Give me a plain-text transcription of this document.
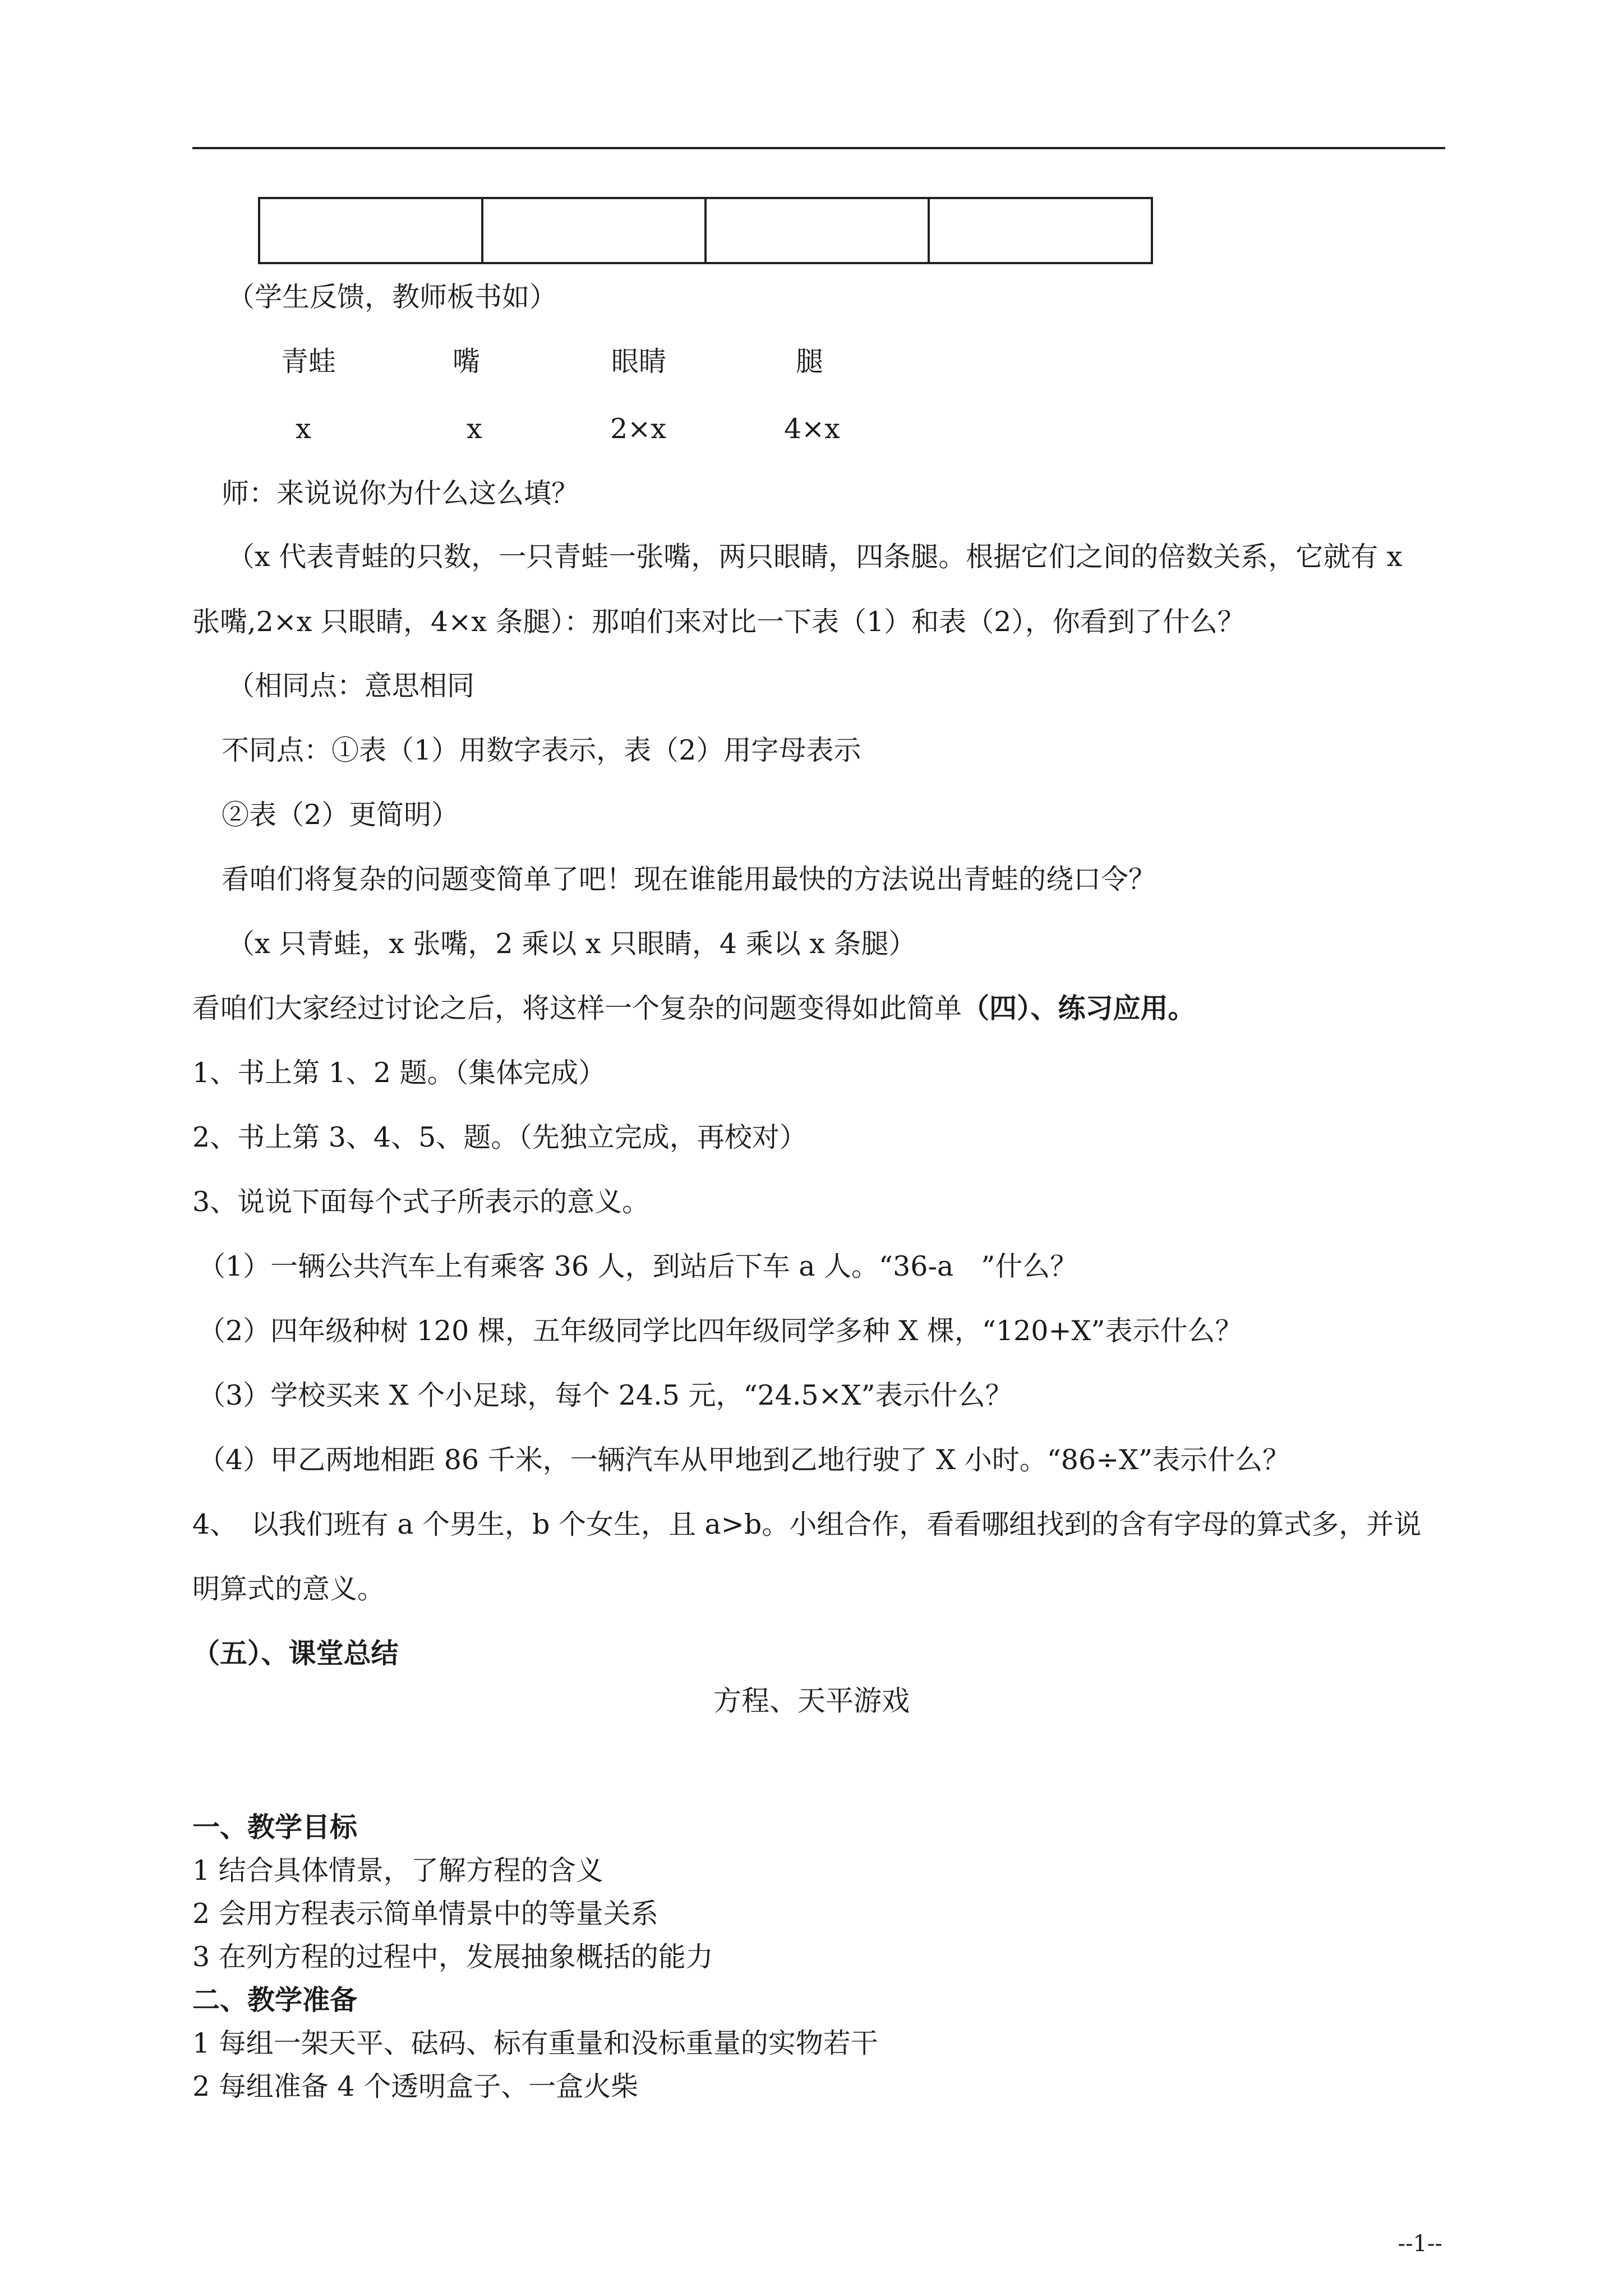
（学生反馈，教师板书如）
青蛙	嘴	眼睛	腿
x	x	2×x	4×x
师：来说说你为什么这么填？
（x 代表青蛙的只数，一只青蛙一张嘴，两只眼睛，四条腿。根据它们之间的倍数关系，它就有 x
张嘴,2×x 只眼睛，4×x 条腿）：那咱们来对比一下表（1）和表（2），你看到了什么？
（相同点：意思相同
不同点：①表（1）用数字表示，表（2）用字母表示
②表（2）更简明）
看咱们将复杂的问题变简单了吧！现在谁能用最快的方法说出青蛙的绕口令？
（x 只青蛙，x 张嘴，2 乘以 x 只眼睛，4 乘以 x 条腿）
看咱们大家经过讨论之后，将这样一个复杂的问题变得如此简单（四）、练习应用。
1、书上第 1、2 题。（集体完成）
2、书上第 3、4、5、题。（先独立完成，再校对）
3、说说下面每个式子所表示的意义。
（1）一辆公共汽车上有乘客 36 人，到站后下车 a 人。“36-a　”什么？
（2）四年级种树 120 棵，五年级同学比四年级同学多种 X 棵，“120+X”表示什么？
（3）学校买来 X 个小足球，每个 24.5 元，“24.5×X”表示什么？
（4）甲乙两地相距 86 千米，一辆汽车从甲地到乙地行驶了 X 小时。“86÷X”表示什么？
4、　以我们班有 a 个男生，b 个女生，且 a>b。小组合作，看看哪组找到的含有字母的算式多，并说
明算式的意义。
（五）、课堂总结
方程、天平游戏
一、教学目标
1 结合具体情景，了解方程的含义
2 会用方程表示简单情景中的等量关系
3 在列方程的过程中，发展抽象概括的能力
二、教学准备
1 每组一架天平、砝码、标有重量和没标重量的实物若干
2 每组准备 4 个透明盒子、一盒火柴
--1--
